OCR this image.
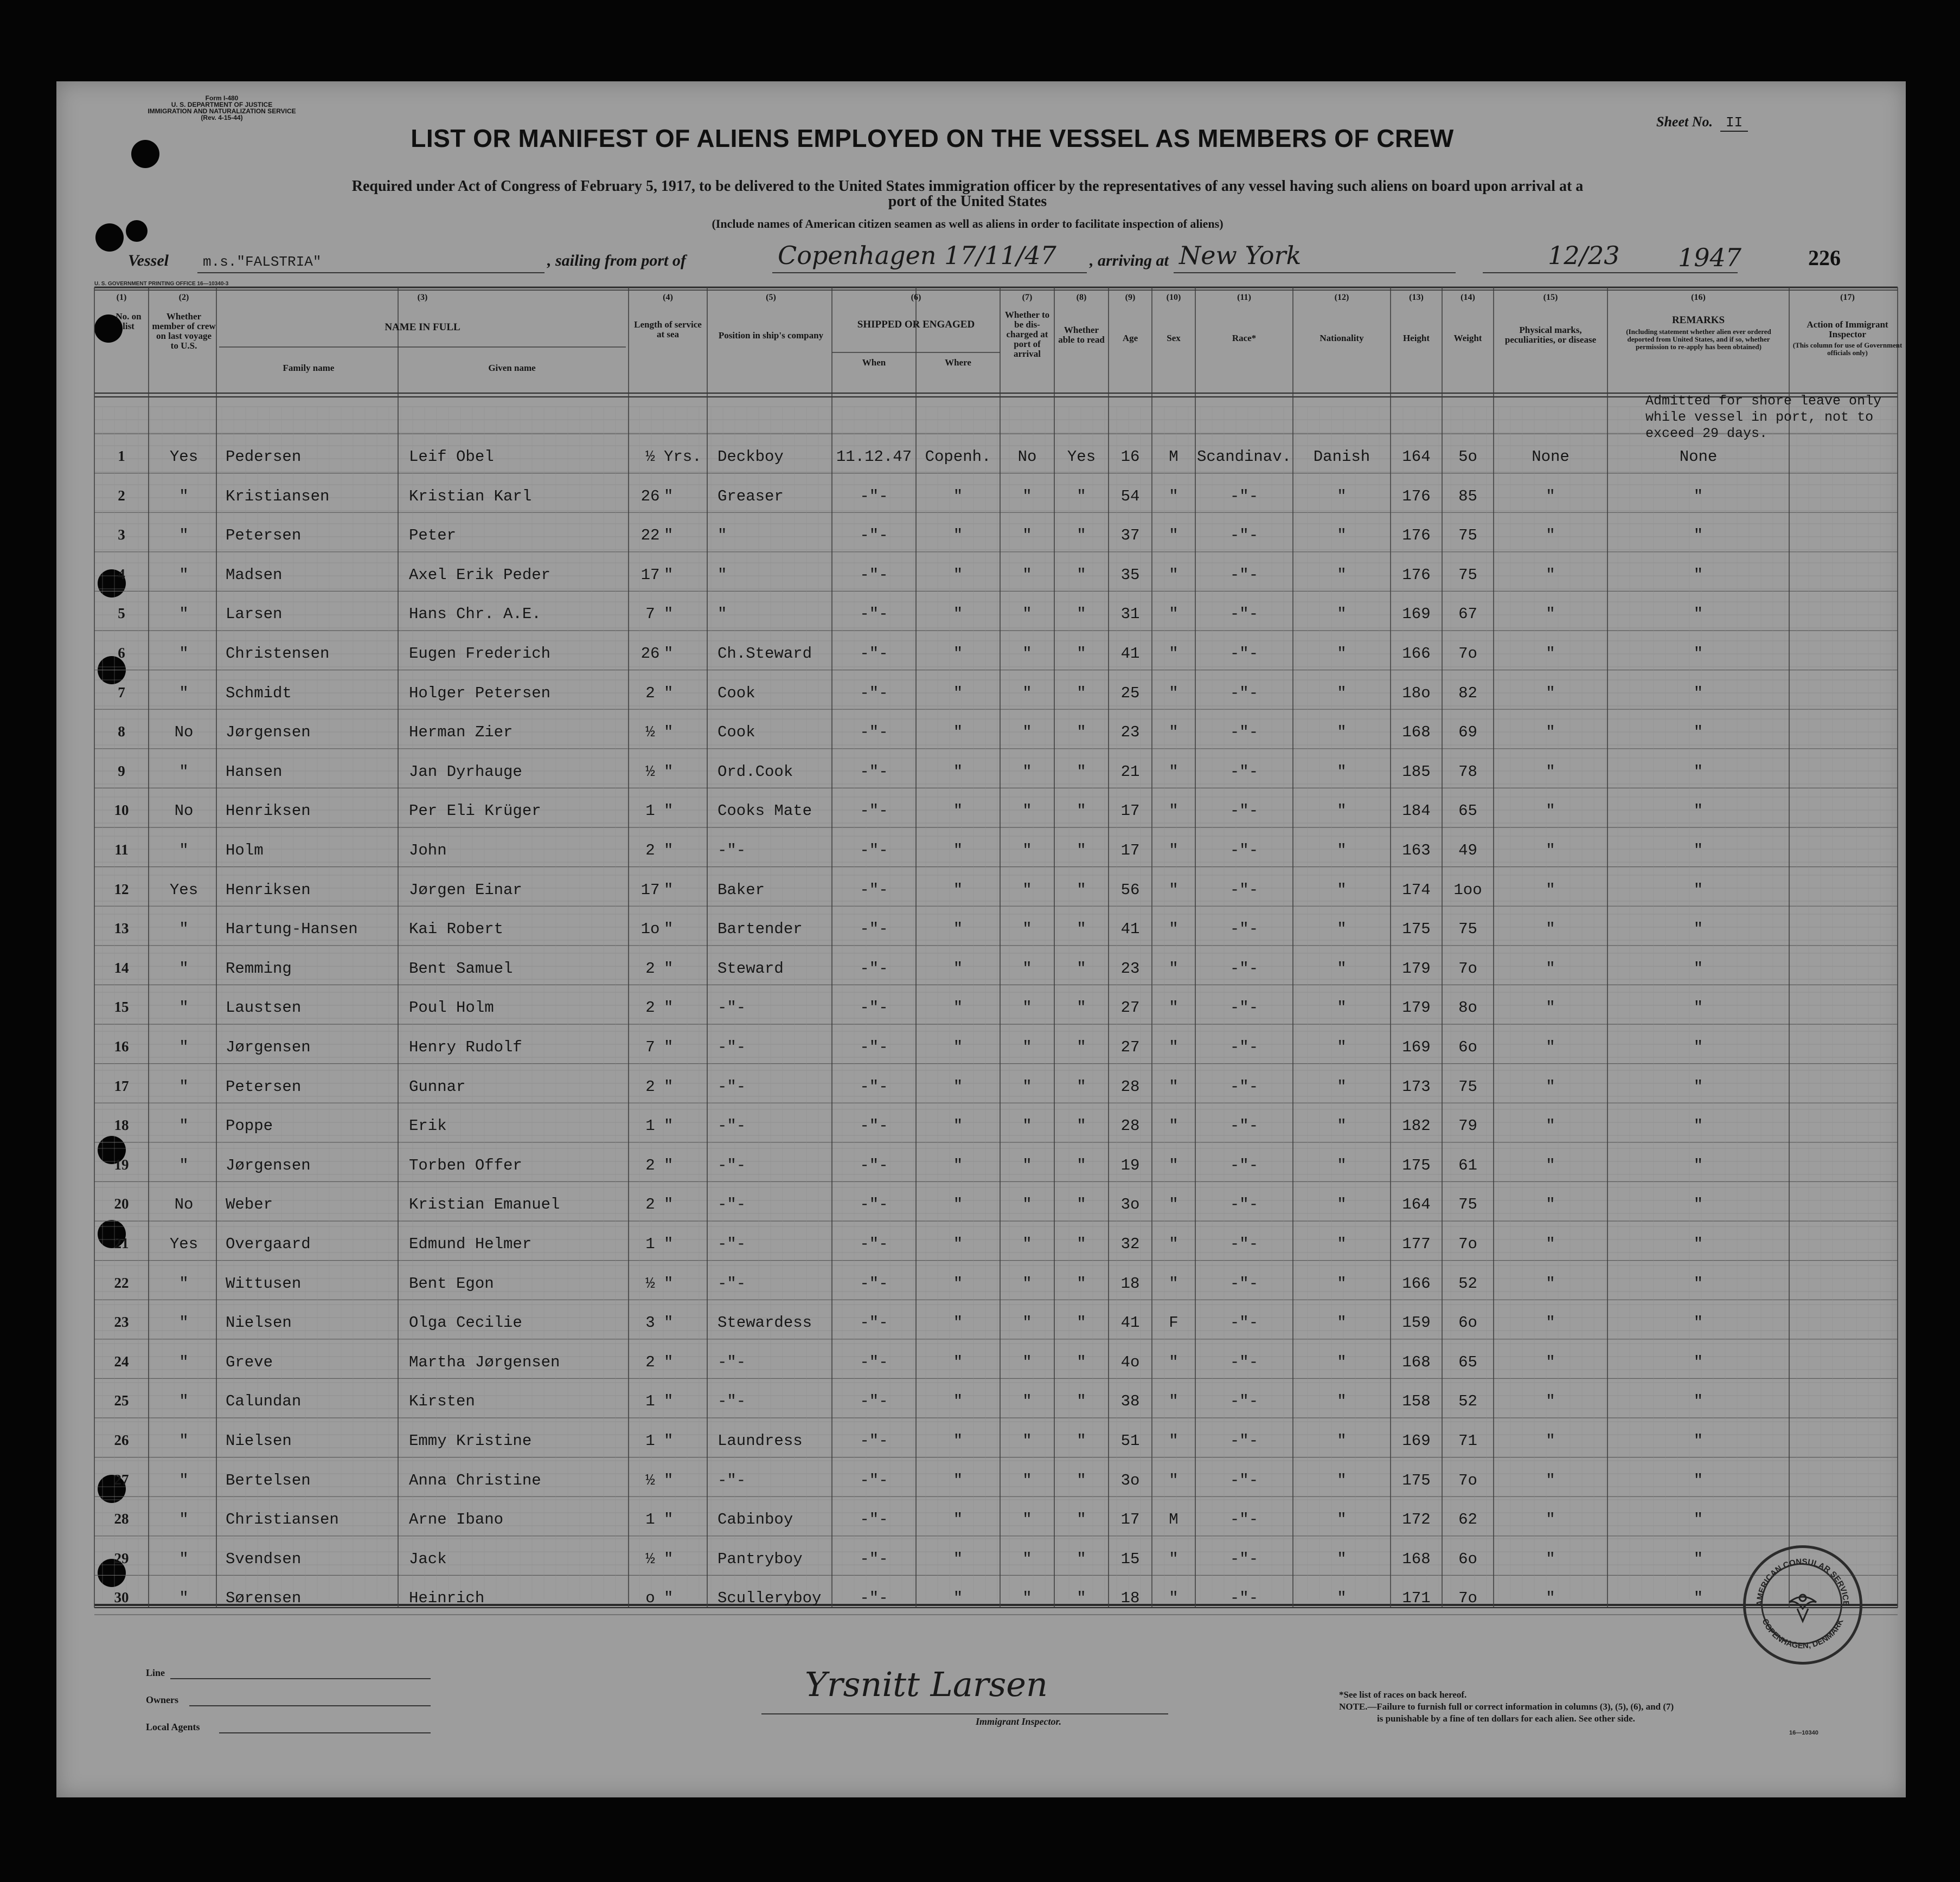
Form I-480
U. S. DEPARTMENT OF JUSTICE
IMMIGRATION AND NATURALIZATION SERVICE
(Rev. 4-15-44)	Sheet No. II
LIST OR MANIFEST OF ALIENS EMPLOYED ON THE VESSEL AS MEMBERS OF CREW
Required under Act of Congress of February 5, 1917, to be delivered to the United States immigration officer by the representatives of any vessel having such aliens on board upon arrival at a
port of the United States
(Include names of American citizen seamen as well as aliens in order to facilitate inspection of aliens)
Vessel m.s."FALSTRIA"	, sailing from port of	Copenhagen 17/11/47 , arriving at New York	12/23 1947	226
U. S. GOVERNMENT PRINTING OFFICE 16—10340-3
(1)	(2)	(3)	(4)	(5)	(6)	(7)	(8)	(9)	(10)	(11)	(12)	(13)	(14)	(15)	(16)	(17)
No. on list
Whether member of crew on last voyage to U.S.
NAME IN FULL
Family name	Given name
Length of service at sea	Position in ship's company
SHIPPED OR ENGAGED
When	Where
Whether to be dis-charged at port of arrival
Whether able to read	Age	Sex	Race*	Nationality	Height	Weight
Physical marks, peculiarities, or disease
REMARKS
(Including statement whether alien ever ordered deported from United States, and if so, whether permission to re-apply has been obtained)
Action of Immigrant Inspector
(This column for use of Government officials only)
Admitted for shore leave only
while vessel in port, not to
exceed 29 days.
1	Yes	Pedersen	Leif Obel	½ Yrs.	Deckboy	11.12.47 Copenh.	No	Yes	16	M	Scandinav.	Danish	164	5o	None	None
2	"	Kristiansen	Kristian Karl	26 "	Greaser	-"-	"	"	"	54	"	-"-	"	176	85	"	"
3	"	Petersen	Peter	22 "	"	-"-	"	"	"	37	"	-"-	"	176	75	"	"
4	"	Madsen	Axel Erik Peder	17 "	"	-"-	"	"	"	35	"	-"-	"	176	75	"	"
5	"	Larsen	Hans Chr. A.E.	7 "	"	-"-	"	"	"	31	"	-"-	"	169	67	"	"
6	"	Christensen	Eugen Frederich	26 "	Ch.Steward	-"-	"	"	"	41	"	-"-	"	166	7o	"	"
7	"	Schmidt	Holger Petersen	2 "	Cook	-"-	"	"	"	25	"	-"-	"	18o	82	"	"
8	No	Jørgensen	Herman Zier	½ "	Cook	-"-	"	"	"	23	"	-"-	"	168	69	"	"
9	"	Hansen	Jan Dyrhauge	½ "	Ord.Cook	-"-	"	"	"	21	"	-"-	"	185	78	"	"
10	No	Henriksen	Per Eli Krüger	1 "	Cooks Mate	-"-	"	"	"	17	"	-"-	"	184	65	"	"
11	"	Holm	John	2 "	-"-	-"-	"	"	"	17	"	-"-	"	163	49	"	"
12	Yes	Henriksen	Jørgen Einar	17 "	Baker	-"-	"	"	"	56	"	-"-	"	174	1oo	"	"
13	"	Hartung-Hansen	Kai Robert	1o "	Bartender	-"-	"	"	"	41	"	-"-	"	175	75	"	"
14	"	Remming	Bent Samuel	2 "	Steward	-"-	"	"	"	23	"	-"-	"	179	7o	"	"
15	"	Laustsen	Poul Holm	2 "	-"-	-"-	"	"	"	27	"	-"-	"	179	8o	"	"
16	"	Jørgensen	Henry Rudolf	7 "	-"-	-"-	"	"	"	27	"	-"-	"	169	6o	"	"
17	"	Petersen	Gunnar	2 "	-"-	-"-	"	"	"	28	"	-"-	"	173	75	"	"
18	"	Poppe	Erik	1 "	-"-	-"-	"	"	"	28	"	-"-	"	182	79	"	"
19	"	Jørgensen	Torben Offer	2 "	-"-	-"-	"	"	"	19	"	-"-	"	175	61	"	"
20	No	Weber	Kristian Emanuel	2 "	-"-	-"-	"	"	"	3o	"	-"-	"	164	75	"	"
21	Yes	Overgaard	Edmund Helmer	1 "	-"-	-"-	"	"	"	32	"	-"-	"	177	7o	"	"
22	"	Wittusen	Bent Egon	½ "	-"-	-"-	"	"	"	18	"	-"-	"	166	52	"	"
23	"	Nielsen	Olga Cecilie	3 "	Stewardess	-"-	"	"	"	41	F	-"-	"	159	6o	"	"
24	"	Greve	Martha Jørgensen	2 "	-"-	-"-	"	"	"	4o	"	-"-	"	168	65	"	"
25	"	Calundan	Kirsten	1 "	-"-	-"-	"	"	"	38	"	-"-	"	158	52	"	"
26	"	Nielsen	Emmy Kristine	1 "	Laundress	-"-	"	"	"	51	"	-"-	"	169	71	"	"
27	"	Bertelsen	Anna Christine	½ "	-"-	-"-	"	"	"	3o	"	-"-	"	175	7o	"	"
28	"	Christiansen	Arne Ibano	1 "	Cabinboy	-"-	"	"	"	17	M	-"-	"	172	62	"	"
29	"	Svendsen	Jack	½ "	Pantryboy	-"-	"	"	"	15	"	-"-	"	168	6o	"	"
30	"	Sørensen	Heinrich	o "	Sculleryboy	-"-	"	"	"	18	"	-"-	"	171	7o	"	"
Line
Owners
Local Agents
Yrsnitt Larsen
Immigrant Inspector.
*See list of races on back hereof.
NOTE.—Failure to furnish full or correct information in columns (3), (5), (6), and (7)
is punishable by a fine of ten dollars for each alien. See other side.
16—10340
AMERICAN CONSULAR SERVICE
COPENHAGEN, DENMARK
